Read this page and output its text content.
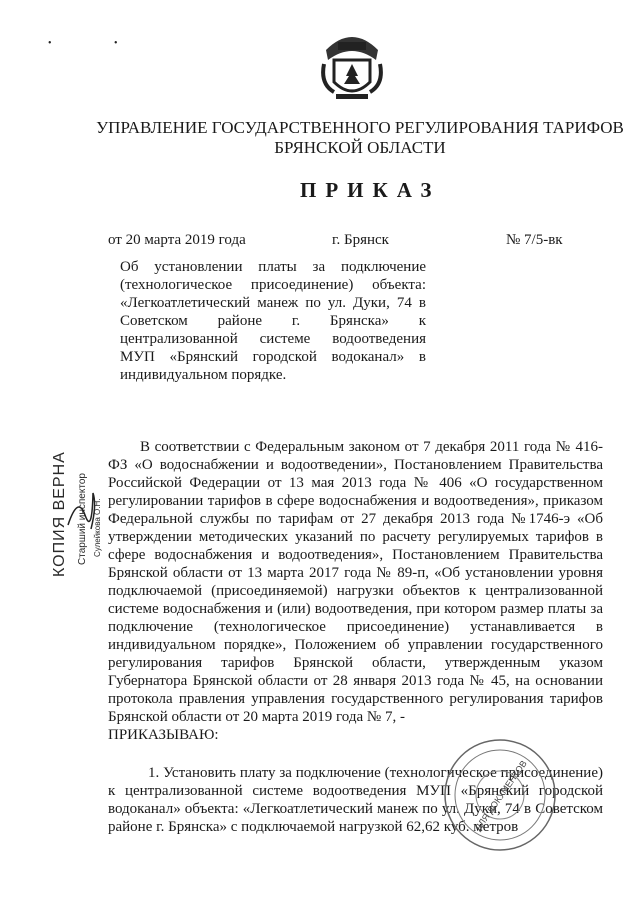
• •
УПРАВЛЕНИЕ ГОСУДАРСТВЕННОГО РЕГУЛИРОВАНИЯ ТАРИФОВ
БРЯНСКОЙ ОБЛАСТИ
ПРИКАЗ
от 20 марта 2019 года	г. Брянск	№ 7/5-вк
Об установлении платы за подключение (технологическое присоединение) объекта: «Легкоатлетический манеж по ул. Дуки, 74 в Советском районе г. Брянска» к централизованной системе водоотведения МУП «Брянский городской водоканал» в индивидуальном порядке.
КОПИЯ ВЕРНА Старший инспектор Сулейкова О.Н.

В соответствии с Федеральным законом от 7 декабря 2011 года № 416-ФЗ «О водоснабжении и водоотведении», Постановлением Правительства Российской Федерации от 13 мая 2013 года № 406 «О государственном регулировании тарифов в сфере водоснабжения и водоотведения», приказом Федеральной службы по тарифам от 27 декабря 2013 года №1746-э «Об утверждении методических указаний по расчету регулируемых тарифов в сфере водоснабжения и водоотведения», Постановлением Правительства Брянской области от 13 марта 2017 года № 89-п, «Об установлении уровня подключаемой (присоединяемой) нагрузки объектов к централизованной системе водоснабжения и (или) водоотведения, при котором размер платы за подключение (технологическое присоединение) устанавливается в индивидуальном порядке», Положением об управлении государственного регулирования тарифов Брянской области, утвержденным указом Губернатора Брянской области от 28 января 2013 года № 45, на основании протокола правления управления государственного регулирования тарифов Брянской области от 20 марта 2019 года № 7, -

ПРИКАЗЫВАЮ:

1. Установить плату за подключение (технологическое присоединение) к централизованной системе водоотведения МУП «Брянский городской водоканал» объекта: «Легкоатлетический манеж по ул. Дуки, 74 в Советском районе г. Брянска» с подключаемой нагрузкой 62,62 куб. метров

ДЛЯ ДОКУМЕНТОВ
